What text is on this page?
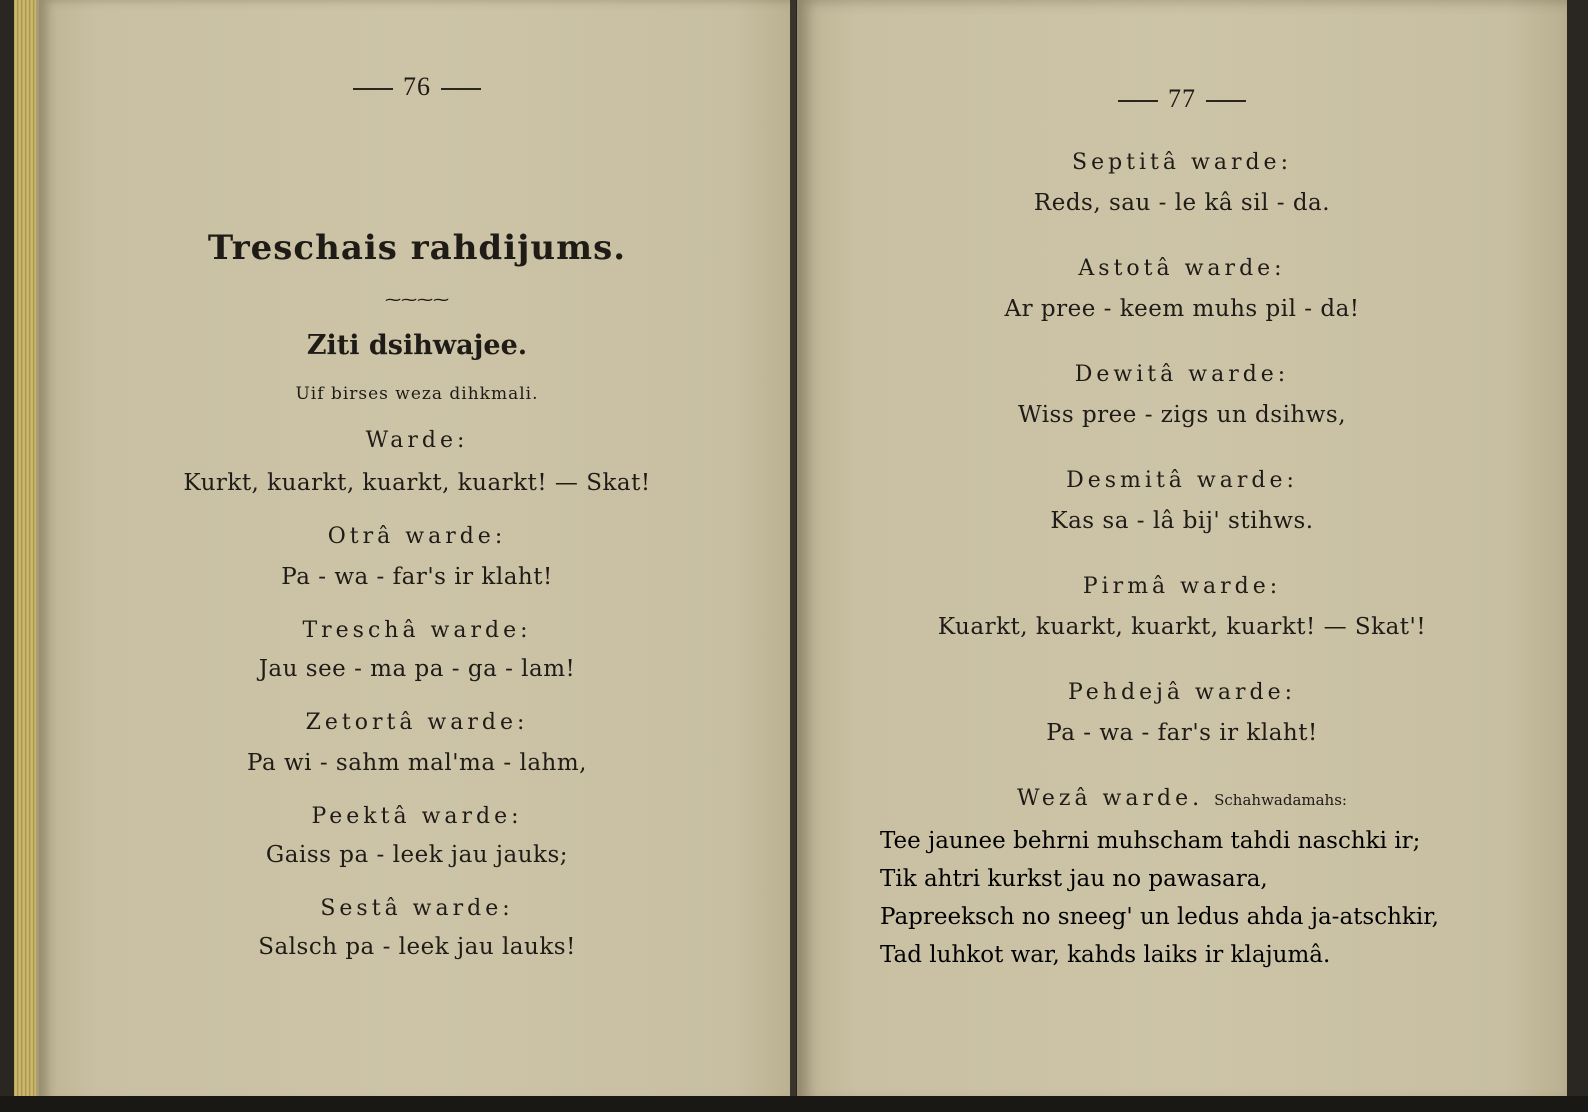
76
Treschais rahdijums.
⁓⁓⁓⁓
Ziti dsihwajee.
Uif birses weza dihkmali.
Warde:
Kurkt, kuarkt, kuarkt, kuarkt! — Skat!
Otrâ warde:
Pa - wa - far's ir klaht!
Treschâ warde:
Jau see - ma pa - ga - lam!
Zetortâ warde:
Pa wi - sahm mal'ma - lahm,
Peektâ warde:
Gaiss pa - leek jau jauks;
Sestâ warde:
Salsch pa - leek jau lauks!
77
Septitâ warde:
Reds, sau - le kâ sil - da.
Astotâ warde:
Ar pree - keem muhs pil - da!
Dewitâ warde:
Wiss pree - zigs un dsihws,
Desmitâ warde:
Kas sa - lâ bij' stihws.
Pirmâ warde:
Kuarkt, kuarkt, kuarkt, kuarkt! — Skat'!
Pehdejâ warde:
Pa - wa - far's ir klaht!
Wezâ warde. Schahwadamahs:
Tee jaunee behrni muhscham tahdi naschki ir;
Tik ahtri kurkst jau no pawasara,
Papreeksch no sneeg' un ledus ahda ja-atschkir,
Tad luhkot war, kahds laiks ir klajumâ.
